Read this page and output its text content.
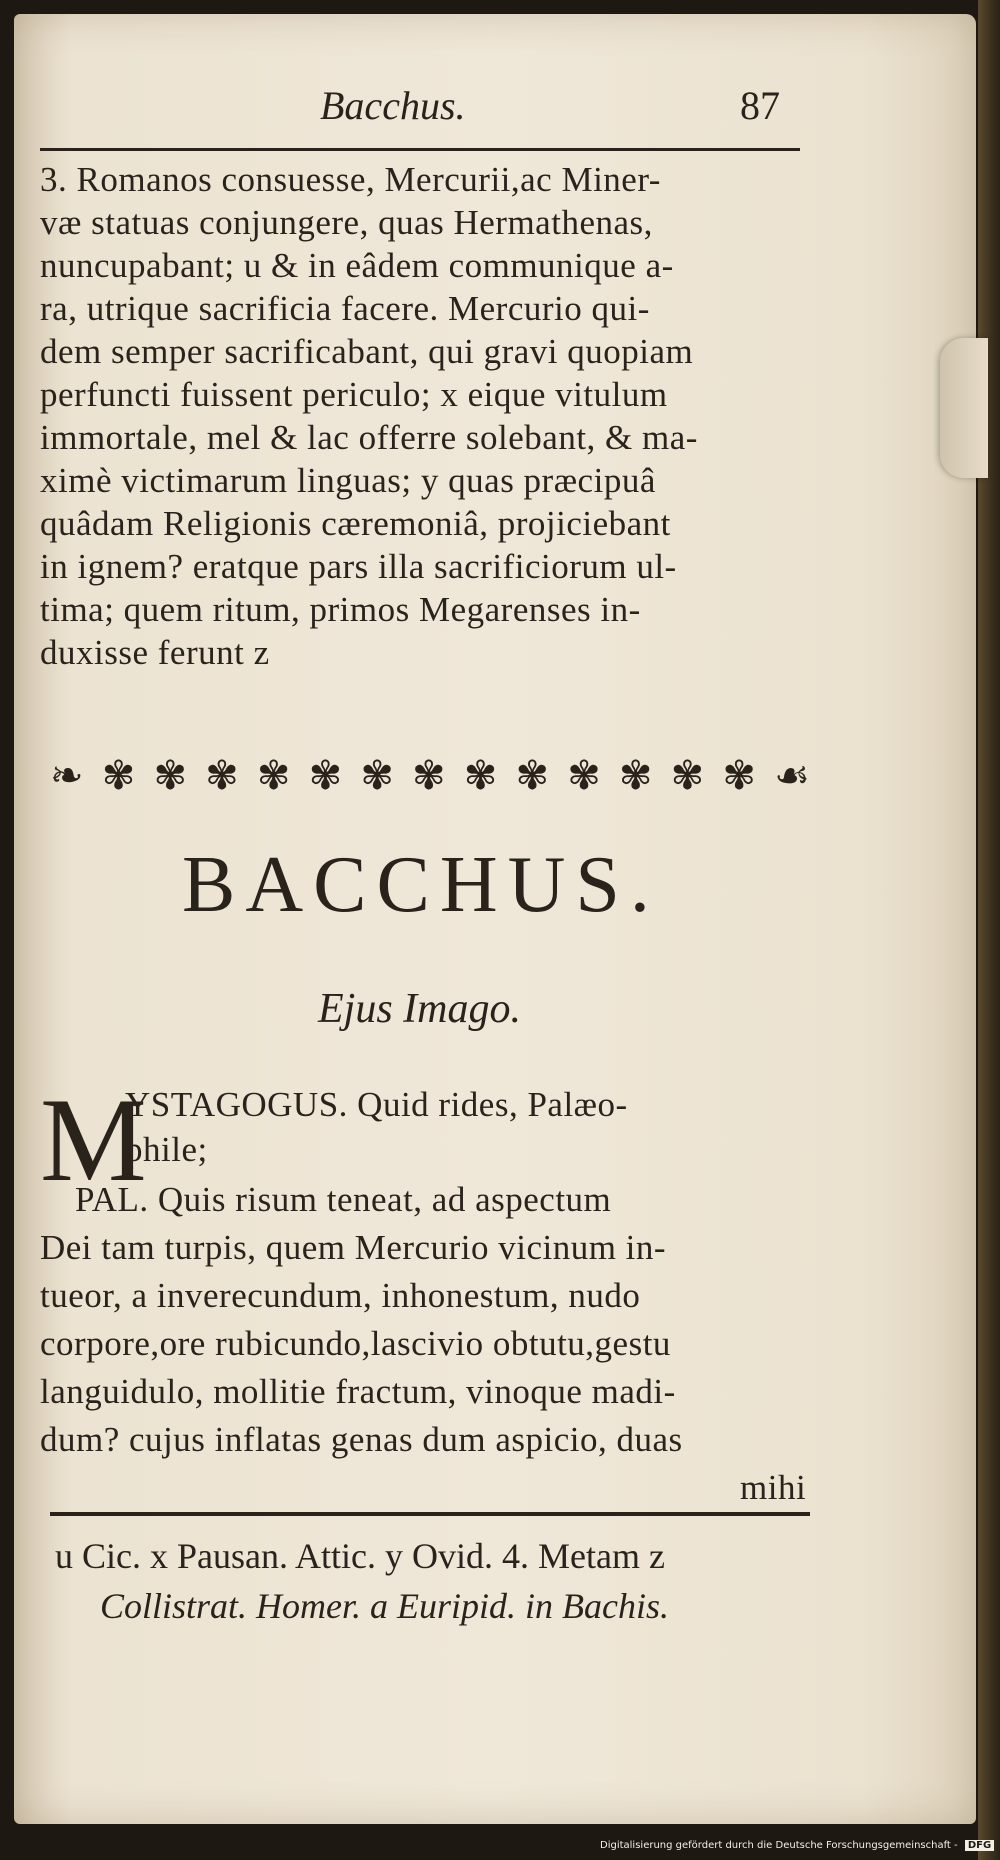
Bacchus.	87
3. Romanos consuesse, Mercurii,ac Miner-
væ statuas conjungere, quas Hermathenas,
nuncupabant; u & in eâdem communique a-
ra, utrique sacrificia facere. Mercurio qui-
dem semper sacrificabant, qui gravi quopiam
perfuncti fuissent periculo; x eique vitulum
immortale, mel & lac offerre solebant, & ma-
ximè victimarum linguas; y quas præcipuâ
quâdam Religionis cæremoniâ, projiciebant
in ignem? eratque pars illa sacrificiorum ul-
tima; quem ritum, primos Megarenses in-
duxisse ferunt z
❧ ✾ ✾ ✾ ✾ ✾ ✾ ✾ ✾ ✾ ✾ ✾ ✾ ✾ ☙
BACCHUS.
Ejus Imago.
M
YSTAGOGUS. Quid rides, Palæo-
phile;
PAL. Quis risum teneat, ad aspectum
Dei tam turpis, quem Mercurio vicinum in-
tueor, a inverecundum, inhonestum, nudo
corpore,ore rubicundo,lascivio obtutu,gestu
languidulo, mollitie fractum, vinoque madi-
dum? cujus inflatas genas dum aspicio, duas
mihi
u Cic. x Pausan. Attic. y Ovid. 4. Metam z
Collistrat. Homer. a Euripid. in Bachis.
Digitalisierung gefördert durch die Deutsche Forschungsgemeinschaft - DFG
